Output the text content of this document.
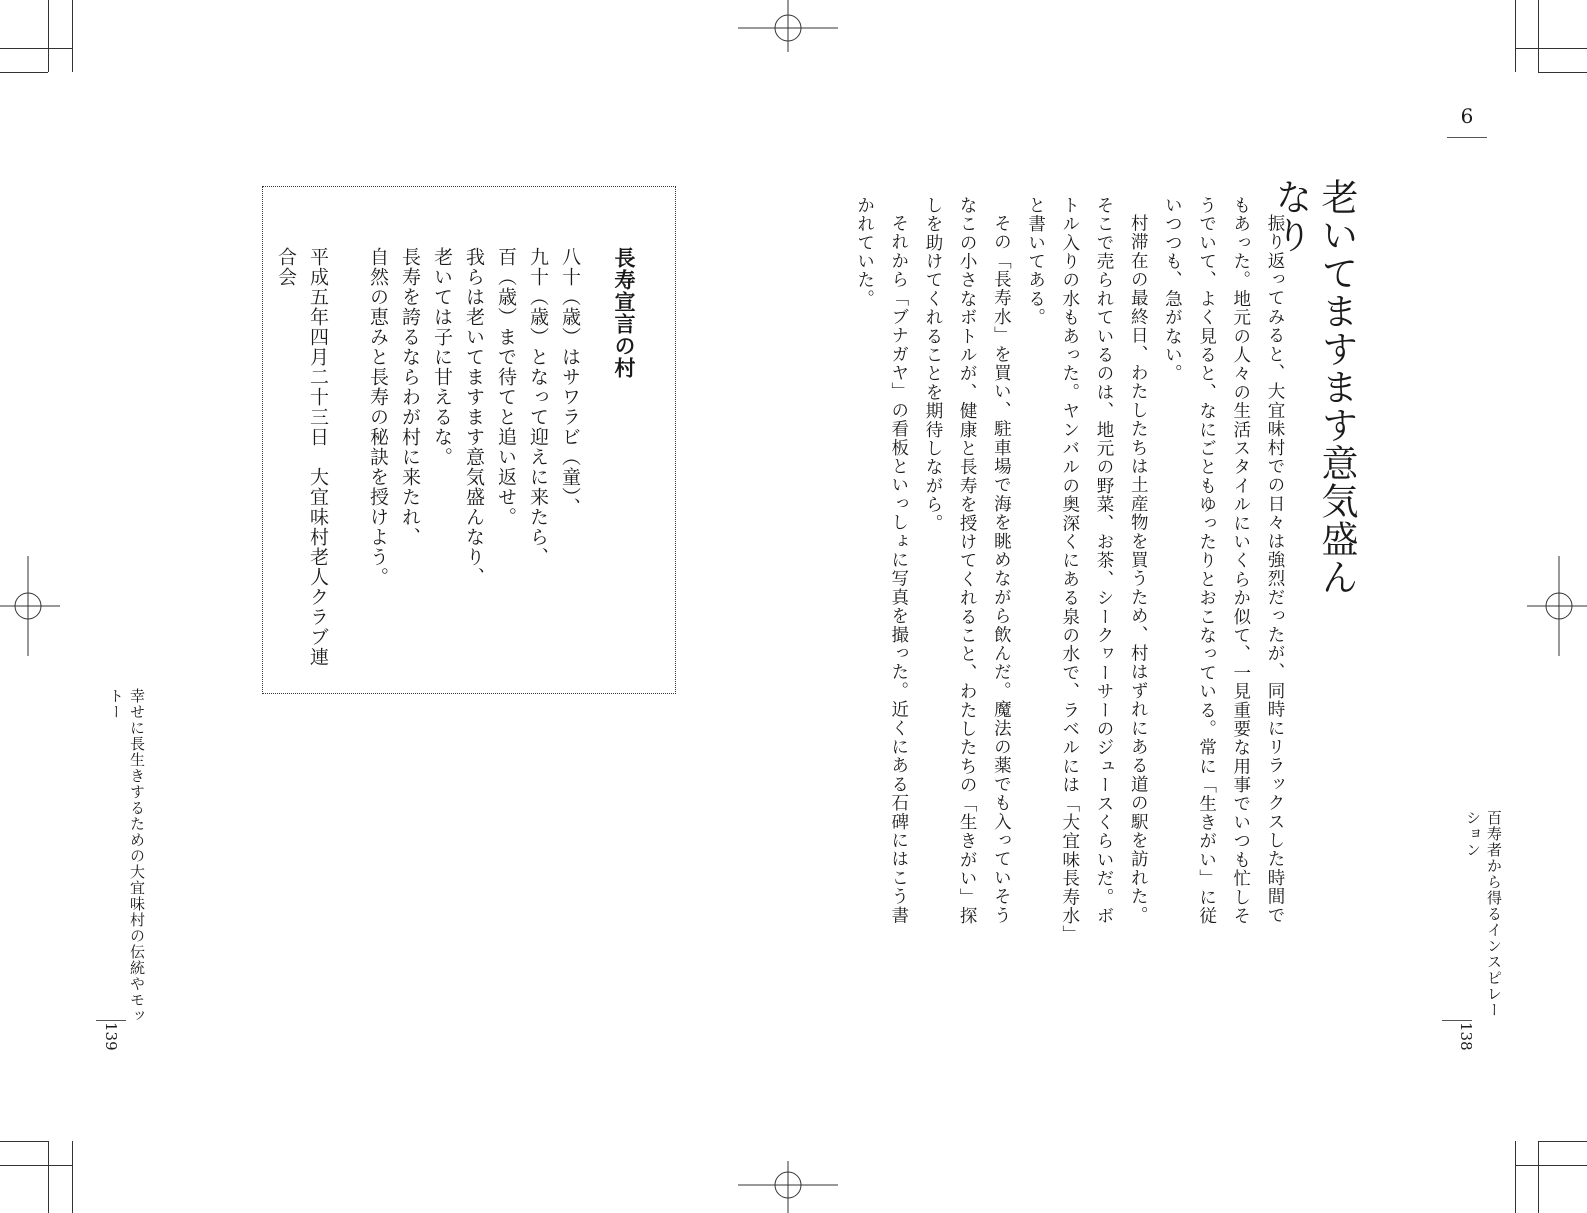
6
老いてますます意気盛んなり

振り返ってみると、大宜味村での日々は強烈だったが、同時にリラックスした時間でもあった。地元の人々の生活スタイルにいくらか似て、一見重要な用事でいつも忙しそうでいて、よく見ると、なにごともゆったりとおこなっている。常に「生きがい」に従いつつも、急がない。

村滞在の最終日、わたしたちは土産物を買うため、村はずれにある道の駅を訪れた。そこで売られているのは、地元の野菜、お茶、シークヮーサーのジュースくらいだ。ボトル入りの水もあった。ヤンバルの奥深くにある泉の水で、ラベルには「大宜味長寿水」と書いてある。

その「長寿水」を買い、駐車場で海を眺めながら飲んだ。魔法の薬でも入っていそうなこの小さなボトルが、健康と長寿を授けてくれること、わたしたちの「生きがい」探しを助けてくれることを期待しながら。

それから「ブナガヤ」の看板といっしょに写真を撮った。近くにある石碑にはこう書かれていた。

百寿者から得るインスピレーション
138
長寿宣言の村
八十（歳）はサワラビ（童）、
九十（歳）となって迎えに来たら、
百（歳）まで待てと追い返せ。
我らは老いてますます意気盛んなり、
老いては子に甘えるな。
長寿を誇るならわが村に来たれ、
自然の恵みと長寿の秘訣を授けよう。
平成五年四月二十三日　大宜味村老人クラブ連合会
幸せに長生きするための大宜味村の伝統やモットー
139
